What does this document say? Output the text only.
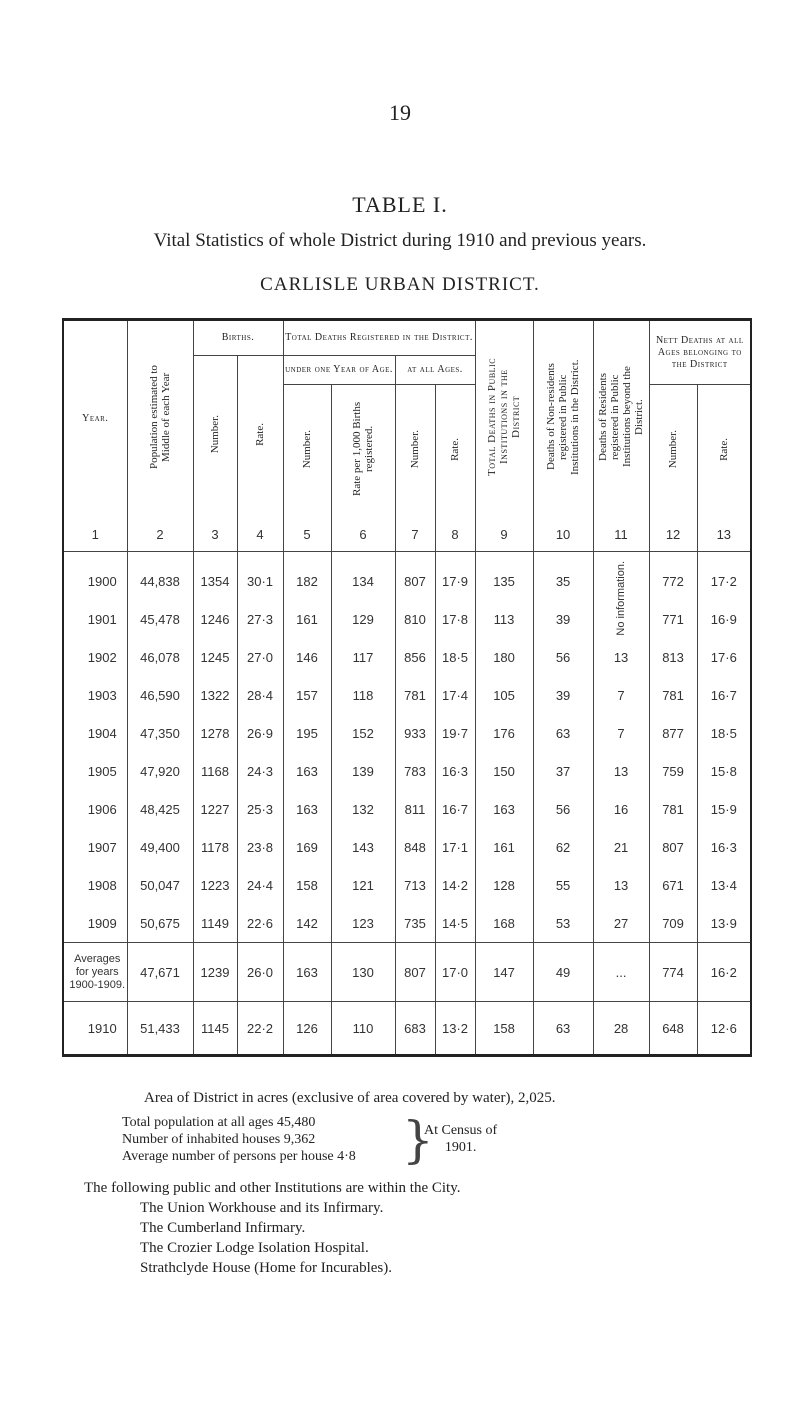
19
TABLE I.
Vital Statistics of whole District during 1910 and previous years.
CARLISLE URBAN DISTRICT.
Year.	Population estimated to Middle of each Year	Births.		Total Deaths Registered in the District.				Total Deaths in Public Institutions in the District	Deaths of Non-residents registered in Public Institutions in the District.	Deaths of Residents registered in Public Institutions beyond the District.	Nett Deaths at all Ages belonging to the District	
		Number.	Rate.	under one Year of Age.		at all Ages.						
				Number.	Rate per 1,000 Births registered.	Number.	Rate.				Number.	Rate.
1	2	3	4	5	6	7	8	9	10	11	12	13

1900	44,838	1354	30·1	182	134	807	17·9	135	35	No information.	772	17·2
1901	45,478	1246	27·3	161	129	810	17·8	113	39		771	16·9
1902	46,078	1245	27·0	146	117	856	18·5	180	56	13	813	17·6
1903	46,590	1322	28·4	157	118	781	17·4	105	39	7	781	16·7
1904	47,350	1278	26·9	195	152	933	19·7	176	63	7	877	18·5
1905	47,920	1168	24·3	163	139	783	16·3	150	37	13	759	15·8
1906	48,425	1227	25·3	163	132	811	16·7	163	56	16	781	15·9
1907	49,400	1178	23·8	169	143	848	17·1	161	62	21	807	16·3
1908	50,047	1223	24·4	158	121	713	14·2	128	55	13	671	13·4
1909	50,675	1149	22·6	142	123	735	14·5	168	53	27	709	13·9
Averages
for years
1900-1909.	47,671	1239	26·0	163	130	807	17·0	147	49	...	774	16·2
1910	51,433	1145	22·2	126	110	683	13·2	158	63	28	648	12·6

Area of District in acres (exclusive of area covered by water), 2,025.

Total population at all ages 45,480
Number of inhabited houses 9,362
Average number of persons per house 4·8 }
At Census of
1901.

The following public and other Institutions are within the City.

The Union Workhouse and its Infirmary.

The Cumberland Infirmary.

The Crozier Lodge Isolation Hospital.

Strathclyde House (Home for Incurables).
